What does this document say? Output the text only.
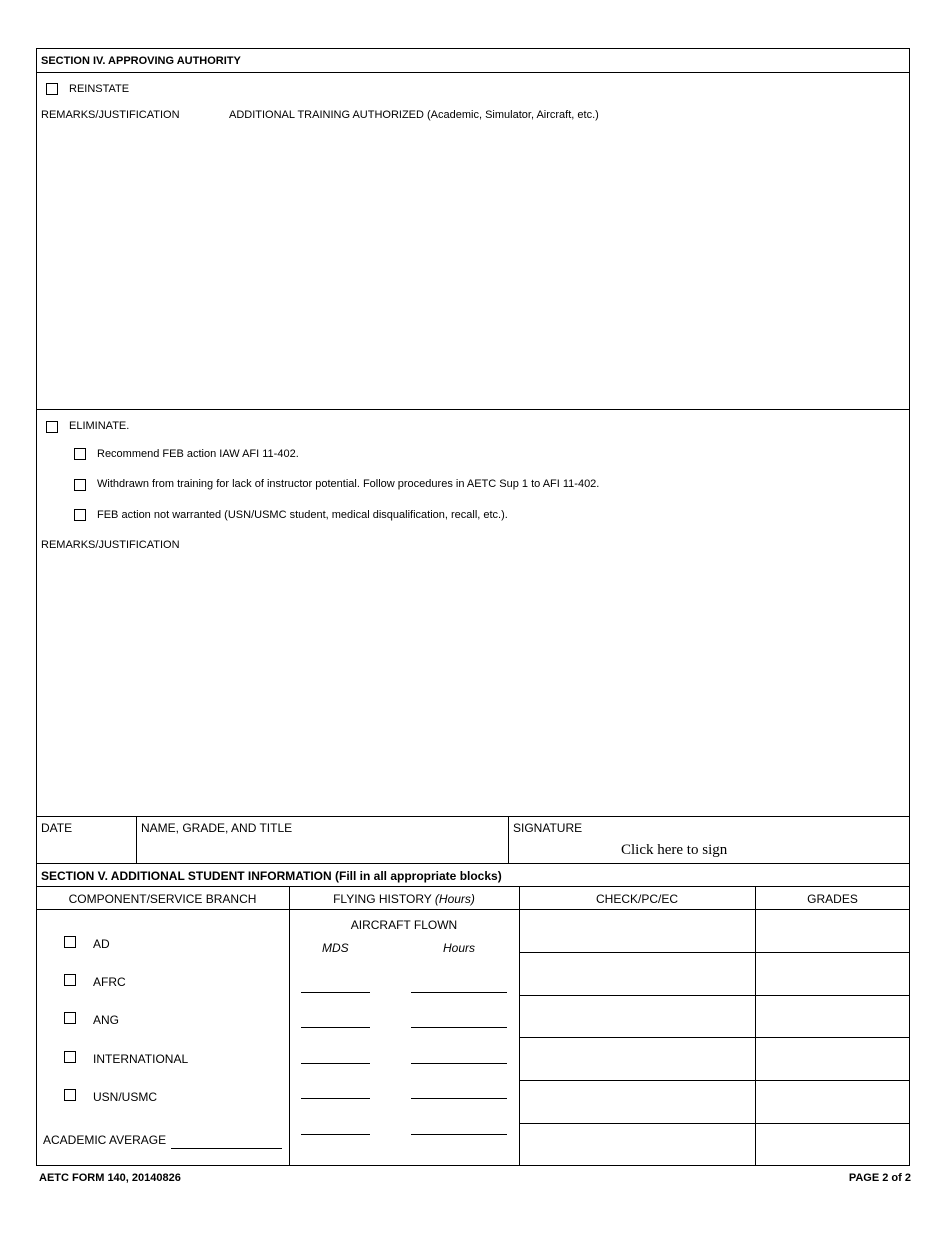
SECTION IV. APPROVING AUTHORITY
REINSTATE
REMARKS/JUSTIFICATION	ADDITIONAL TRAINING AUTHORIZED (Academic, Simulator, Aircraft, etc.)
ELIMINATE.
Recommend FEB action IAW AFI 11-402.
Withdrawn from training for lack of instructor potential. Follow procedures in AETC Sup 1 to AFI 11-402.
FEB action not warranted (USN/USMC student, medical disqualification, recall, etc.).
REMARKS/JUSTIFICATION
DATE	NAME, GRADE, AND TITLE	SIGNATURE
Click here to sign
SECTION V. ADDITIONAL STUDENT INFORMATION (Fill in all appropriate blocks)
COMPONENT/SERVICE BRANCH	FLYING HISTORY (Hours)	CHECK/PC/EC	GRADES
AD
AFRC
ANG
INTERNATIONAL
USN/USMC
ACADEMIC AVERAGE
AIRCRAFT FLOWN
MDS	Hours
AETC FORM 140, 20140826	PAGE 2 of 2
